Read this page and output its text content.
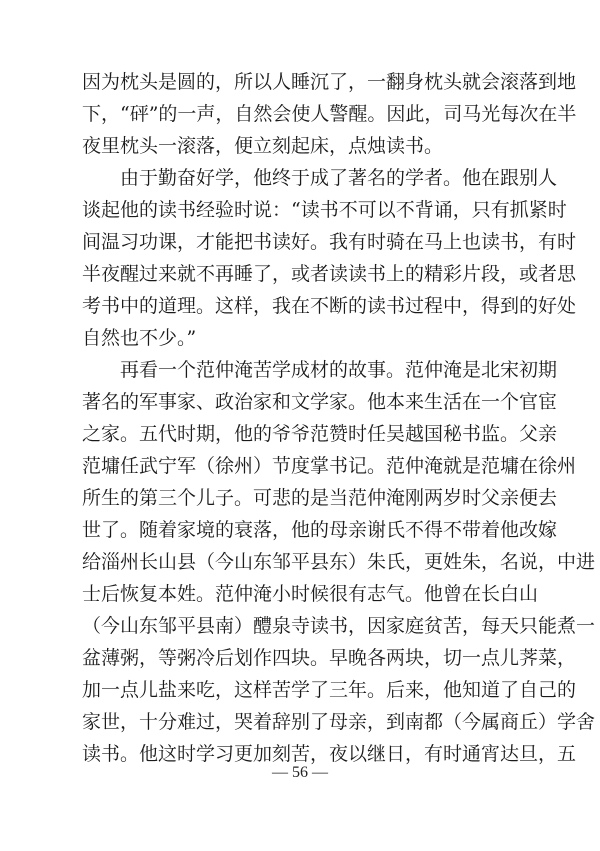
因为枕头是圆的，所以人睡沉了，一翻身枕头就会滚落到地
下，“砰”的一声，自然会使人警醒。因此，司马光每次在半
夜里枕头一滚落，便立刻起床，点烛读书。
由于勤奋好学，他终于成了著名的学者。他在跟别人
谈起他的读书经验时说：“读书不可以不背诵，只有抓紧时
间温习功课，才能把书读好。我有时骑在马上也读书，有时
半夜醒过来就不再睡了，或者读读书上的精彩片段，或者思
考书中的道理。这样，我在不断的读书过程中，得到的好处
自然也不少。”
再看一个范仲淹苦学成材的故事。范仲淹是北宋初期
著名的军事家、政治家和文学家。他本来生活在一个官宦
之家。五代时期，他的爷爷范赞时任吴越国秘书监。父亲
范墉任武宁军（徐州）节度掌书记。范仲淹就是范墉在徐州
所生的第三个儿子。可悲的是当范仲淹刚两岁时父亲便去
世了。随着家境的衰落，他的母亲谢氏不得不带着他改嫁
给淄州长山县（今山东邹平县东）朱氏，更姓朱，名说，中进
士后恢复本姓。范仲淹小时候很有志气。他曾在长白山
（今山东邹平县南）醴泉寺读书，因家庭贫苦，每天只能煮一
盆薄粥，等粥冷后划作四块。早晚各两块，切一点儿荠菜，
加一点儿盐来吃，这样苦学了三年。后来，他知道了自己的
家世，十分难过，哭着辞别了母亲，到南都（今属商丘）学舍
读书。他这时学习更加刻苦，夜以继日，有时通宵达旦，五
— 56 —
